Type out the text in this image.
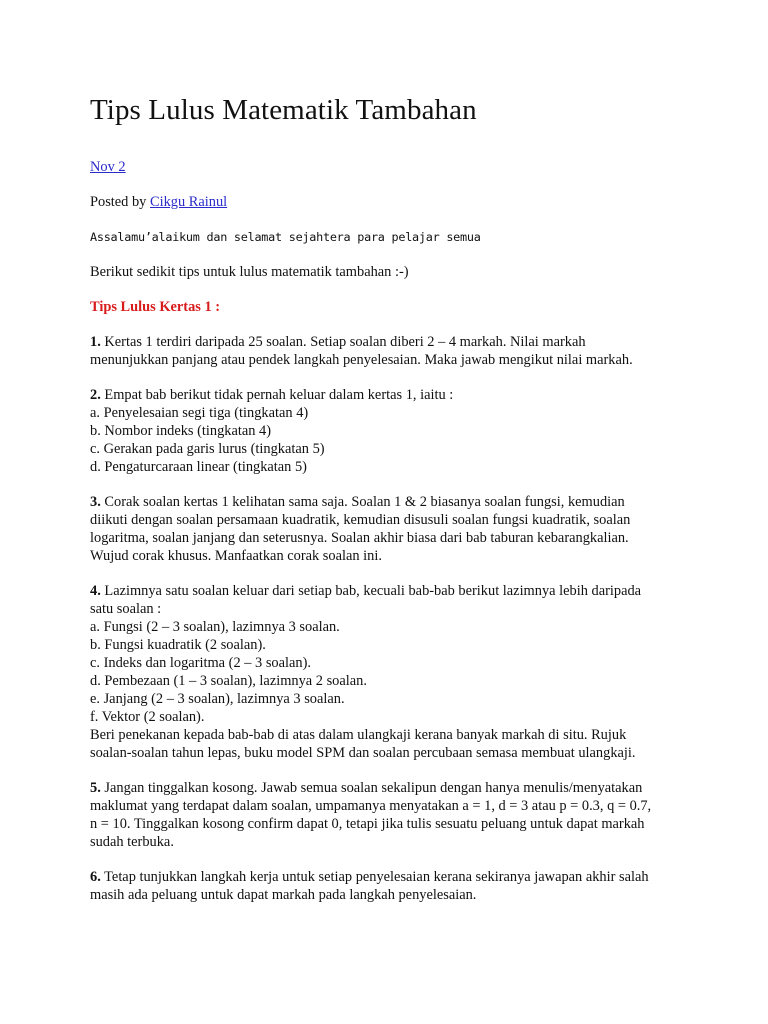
Tips Lulus Matematik Tambahan
Nov 2

Posted by Cikgu Rainul

Assalamu’alaikum dan selamat sejahtera para pelajar semua

Berikut sedikit tips untuk lulus matematik tambahan :-)

Tips Lulus Kertas 1 :

1. Kertas 1 terdiri daripada 25 soalan. Setiap soalan diberi 2 – 4 markah. Nilai markah
menunjukkan panjang atau pendek langkah penyelesaian. Maka jawab mengikut nilai markah.
2. Empat bab berikut tidak pernah keluar dalam kertas 1, iaitu :
a. Penyelesaian segi tiga (tingkatan 4)
b. Nombor indeks (tingkatan 4)
c. Gerakan pada garis lurus (tingkatan 5)
d. Pengaturcaraan linear (tingkatan 5)
3. Corak soalan kertas 1 kelihatan sama saja. Soalan 1 & 2 biasanya soalan fungsi, kemudian
diikuti dengan soalan persamaan kuadratik, kemudian disusuli soalan fungsi kuadratik, soalan
logaritma, soalan janjang dan seterusnya. Soalan akhir biasa dari bab taburan kebarangkalian.
Wujud corak khusus. Manfaatkan corak soalan ini.
4. Lazimnya satu soalan keluar dari setiap bab, kecuali bab-bab berikut lazimnya lebih daripada
satu soalan :
a. Fungsi (2 – 3 soalan), lazimnya 3 soalan.
b. Fungsi kuadratik (2 soalan).
c. Indeks dan logaritma (2 – 3 soalan).
d. Pembezaan (1 – 3 soalan), lazimnya 2 soalan.
e. Janjang (2 – 3 soalan), lazimnya 3 soalan.
f. Vektor (2 soalan).
Beri penekanan kepada bab-bab di atas dalam ulangkaji kerana banyak markah di situ. Rujuk
soalan-soalan tahun lepas, buku model SPM dan soalan percubaan semasa membuat ulangkaji.
5. Jangan tinggalkan kosong. Jawab semua soalan sekalipun dengan hanya menulis/menyatakan
maklumat yang terdapat dalam soalan, umpamanya menyatakan a = 1, d = 3 atau p = 0.3, q = 0.7,
n = 10. Tinggalkan kosong confirm dapat 0, tetapi jika tulis sesuatu peluang untuk dapat markah
sudah terbuka.
6. Tetap tunjukkan langkah kerja untuk setiap penyelesaian kerana sekiranya jawapan akhir salah
masih ada peluang untuk dapat markah pada langkah penyelesaian.
